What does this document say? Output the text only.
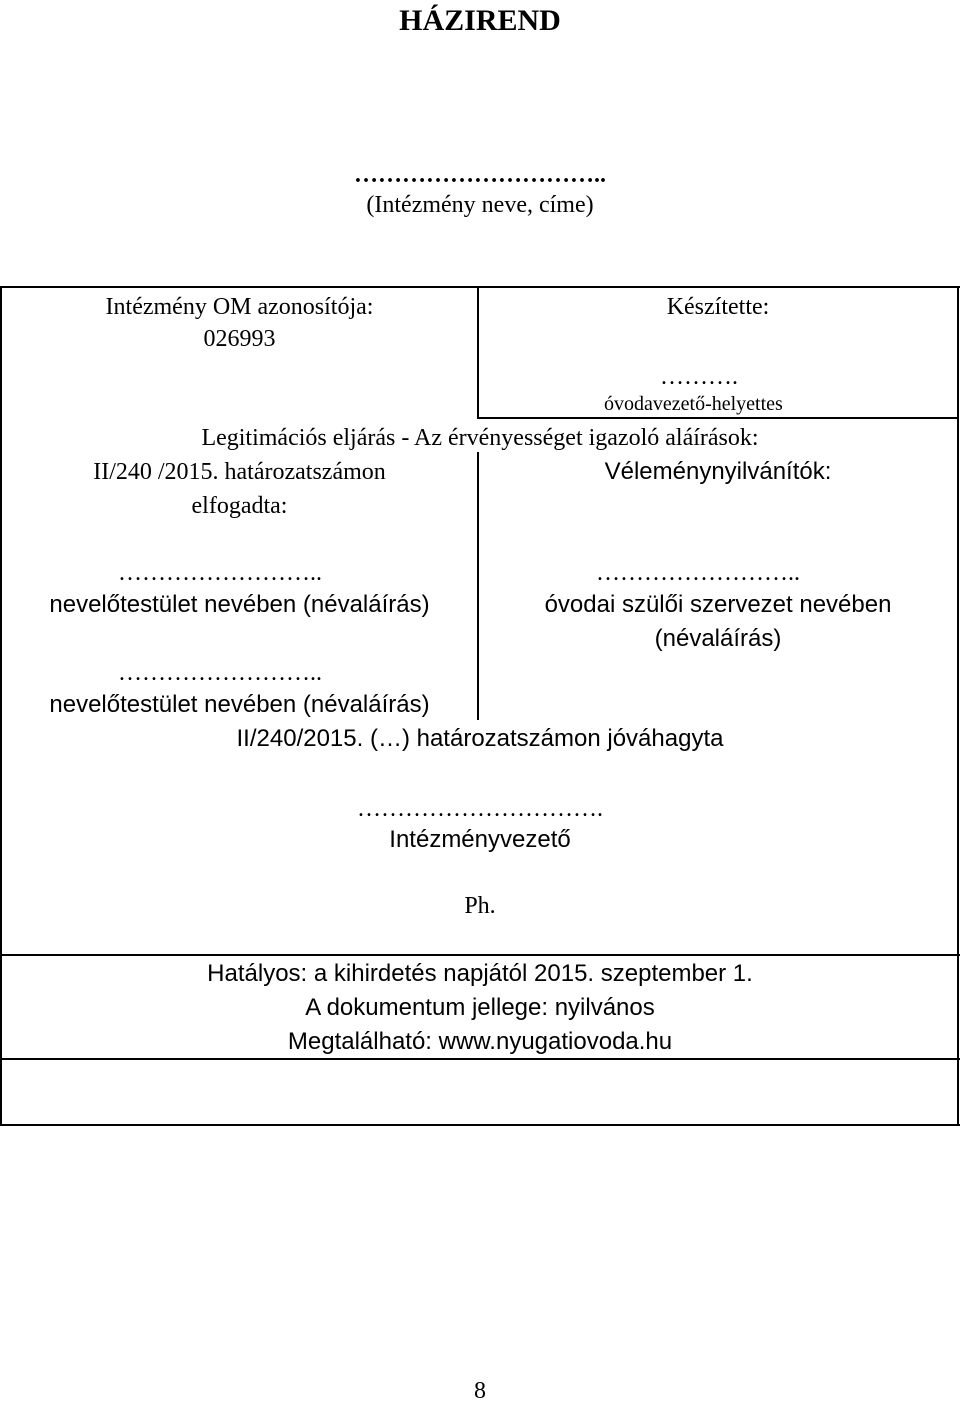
HÁZIREND
…………………………..
(Intézmény neve, címe)
Intézmény OM azonosítója:
026993
Készítette:
……….
óvodavezető-helyettes
Legitimációs eljárás - Az érvényességet igazoló aláírások:
II/240 /2015. határozatszámon
elfogadta:
Véleménynyilvánítók:
……………………..
nevelőtestület nevében (névaláírás)
……………………..
óvodai szülői szervezet nevében
(névaláírás)
……………………..
nevelőtestület nevében (névaláírás)
II/240/2015. (…) határozatszámon jóváhagyta
………………………….
Intézményvezető
Ph.
Hatályos: a kihirdetés napjától 2015. szeptember 1.
A dokumentum jellege: nyilvános
Megtalálható: www.nyugatiovoda.hu
8
